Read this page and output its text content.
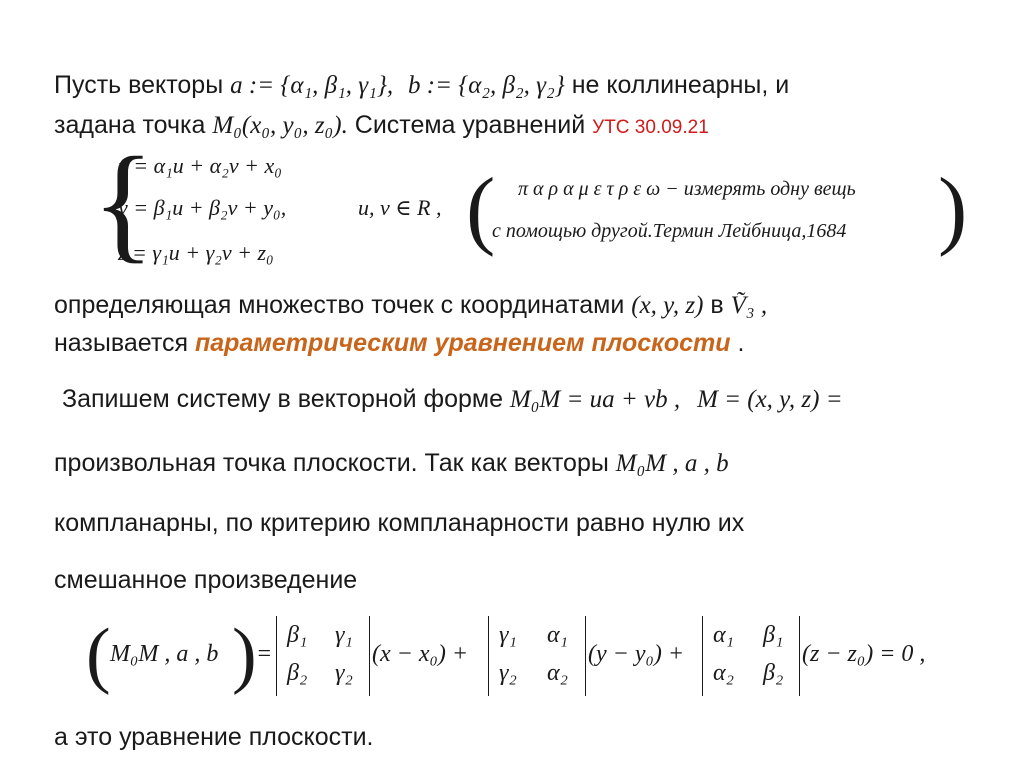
Пусть векторы a := {α₁, β₁, γ₁}, b := {α₂, β₂, γ₂} не коллинеарны, и
задана точка M₀(x₀, y₀, z₀). Система уравнений УТС 30.09.21
{
x = α₁u + α₂v + x₀
y = β₁u + β₂v + y₀,	u, v ∈ R ,
z = γ₁u + γ₂v + z₀ ( π α ρ α μ ε τ ρ ε ω − измерять одну вещь
с помощью другой.Термин Лейбница,1684 )
определяющая множество точек с координатами (x, y, z) в Ṽ₃ ,
называется параметрическим уравнением плоскости .
Запишем систему в векторной форме M₀M = ua + vb , M = (x, y, z) =
произвольная точка плоскости. Так как векторы M₀M , a , b
компланарны, по критерию компланарности равно нулю их
смешанное произведение
( M₀M , a , b ) =
β₁ γ₁
β₂ γ₂
(x − x₀) +
γ₁ α₁
γ₂ α₂
(y − y₀) +
α₁ β₁
α₂ β₂
(z − z₀) = 0 ,
а это уравнение плоскости.
